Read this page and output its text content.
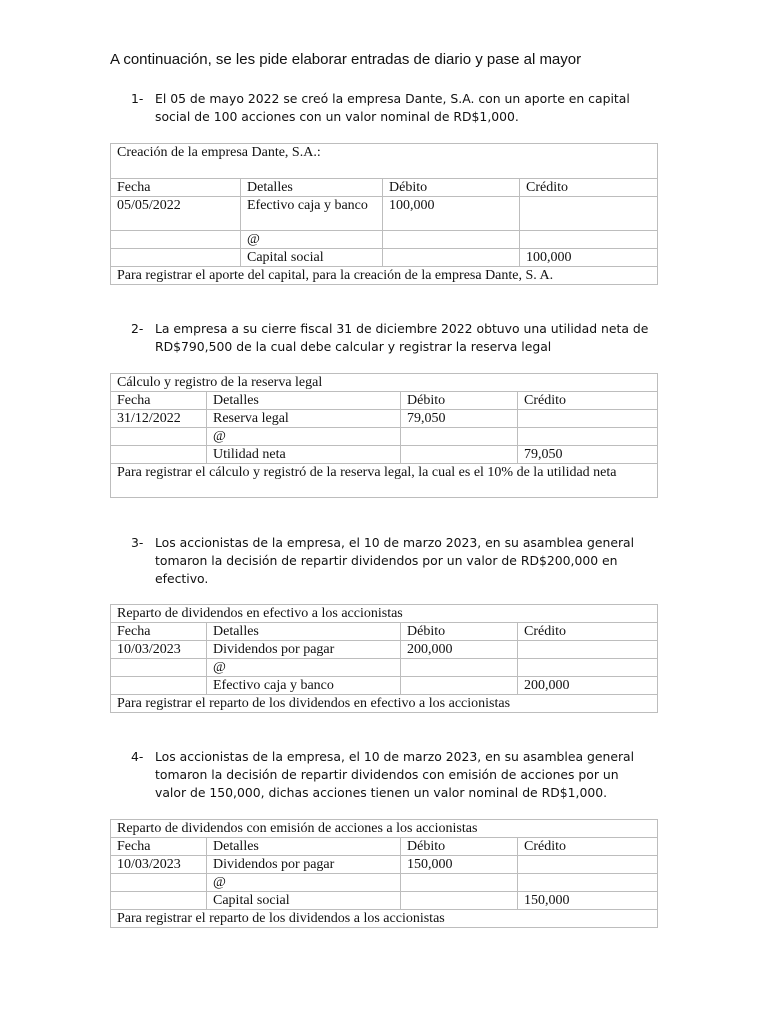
A continuación, se les pide elaborar entradas de diario y pase al mayor
1- El 05 de mayo 2022 se creó la empresa Dante, S.A. con un aporte en capital social de 100 acciones con un valor nominal de RD$1,000.
Creación de la empresa Dante, S.A.:			
Fecha	Detalles	Débito	Crédito
05/05/2022	Efectivo caja y banco	100,000	
	@		
	Capital social		100,000
Para registrar el aporte del capital, para la creación de la empresa Dante, S. A.			
2- La empresa a su cierre fiscal 31 de diciembre 2022 obtuvo una utilidad neta de RD$790,500 de la cual debe calcular y registrar la reserva legal
Cálculo y registro de la reserva legal			
Fecha	Detalles	Débito	Crédito
31/12/2022	Reserva legal	79,050	
	@		
	Utilidad neta		79,050
Para registrar el cálculo y registró de la reserva legal, la cual es el 10% de la utilidad neta			
3- Los accionistas de la empresa, el 10 de marzo 2023, en su asamblea general tomaron la decisión de repartir dividendos por un valor de RD$200,000 en efectivo.
Reparto de dividendos en efectivo a los accionistas			
Fecha	Detalles	Débito	Crédito
10/03/2023	Dividendos por pagar	200,000	
	@		
	Efectivo caja y banco		200,000
Para registrar el reparto de los dividendos en efectivo a los accionistas			
4- Los accionistas de la empresa, el 10 de marzo 2023, en su asamblea general tomaron la decisión de repartir dividendos con emisión de acciones por un valor de 150,000, dichas acciones tienen un valor nominal de RD$1,000.
Reparto de dividendos con emisión de acciones a los accionistas			
Fecha	Detalles	Débito	Crédito
10/03/2023	Dividendos por pagar	150,000	
	@		
	Capital social		150,000
Para registrar el reparto de los dividendos a los accionistas			
